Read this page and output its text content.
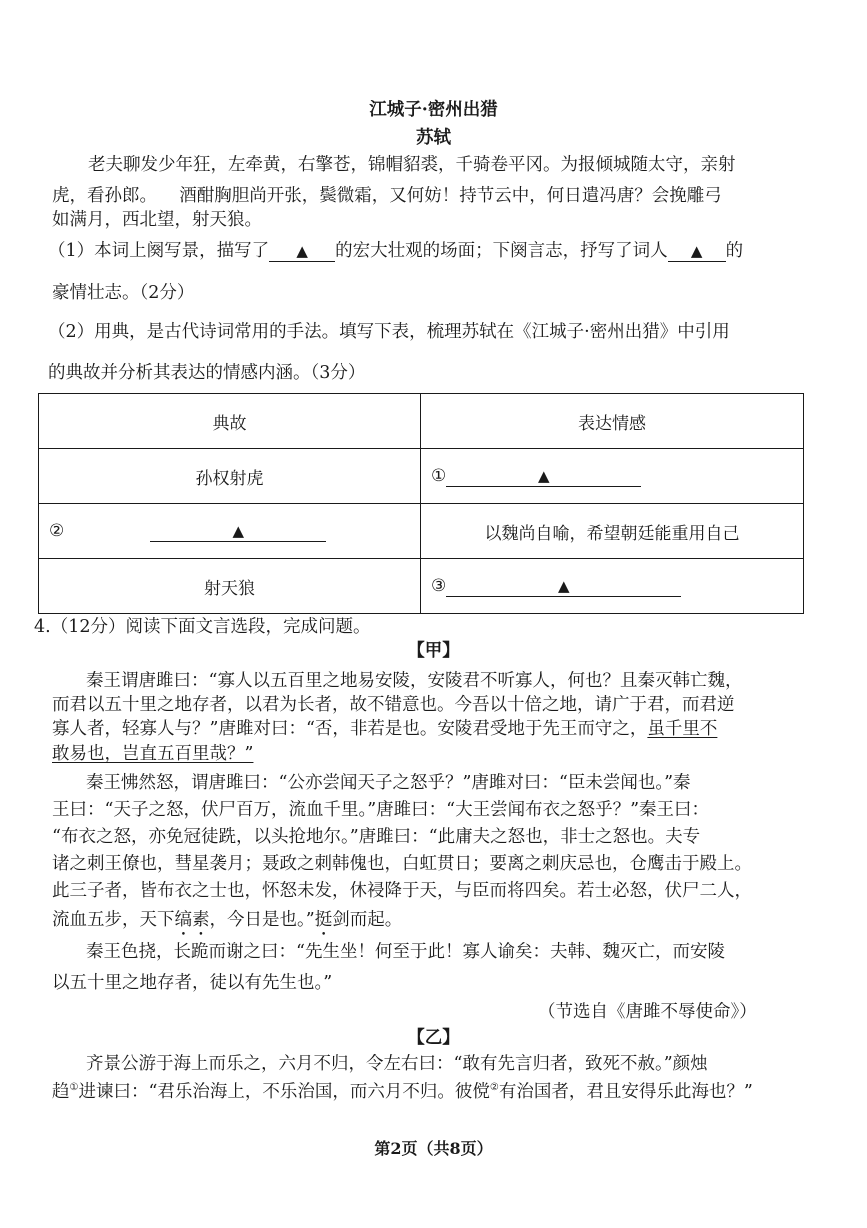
江城子·密州出猎
苏轼
老夫聊发少年狂，左牵黄，右擎苍，锦帽貂裘，千骑卷平冈。为报倾城随太守，亲射
虎，看孙郎。    酒酣胸胆尚开张，鬓微霜，又何妨！持节云中，何日遣冯唐？会挽雕弓
如满月，西北望，射天狼。
（1）本词上阕写景，描写了 ▲ 的宏大壮观的场面；下阕言志，抒写了词人 ▲ 的
豪情壮志。（2分）
（2）用典，是古代诗词常用的手法。填写下表，梳理苏轼在《江城子·密州出猎》中引用
的典故并分析其表达的情感内涵。（3分）
典故	表达情感
孙权射虎	① ▲
② ▲	以魏尚自喻，希望朝廷能重用自己
射天狼	③ ▲
4.（12分）阅读下面文言选段，完成问题。
【甲】
秦王谓唐雎曰：“寡人以五百里之地易安陵，安陵君不听寡人，何也？且秦灭韩亡魏，
而君以五十里之地存者，以君为长者，故不错意也。今吾以十倍之地，请广于君，而君逆
寡人者，轻寡人与？”唐雎对曰：“否，非若是也。安陵君受地于先王而守之，虽千里不
敢易也，岂直五百里哉？”
秦王怫然怒，谓唐雎曰：“公亦尝闻天子之怒乎？”唐雎对曰：“臣未尝闻也。”秦
王曰：“天子之怒，伏尸百万，流血千里。”唐雎曰：“大王尝闻布衣之怒乎？”秦王曰：
“布衣之怒，亦免冠徒跣，以头抢地尔。”唐雎曰：“此庸夫之怒也，非士之怒也。夫专
诸之刺王僚也，彗星袭月；聂政之刺韩傀也，白虹贯日；要离之刺庆忌也，仓鹰击于殿上。
此三子者，皆布衣之士也，怀怒未发，休祲降于天，与臣而将四矣。若士必怒，伏尸二人，
流血五步，天下缟素，今日是也。”挺剑而起。
秦王色挠，长跪而谢之曰：“先生坐！何至于此！寡人谕矣：夫韩、魏灭亡，而安陵
以五十里之地存者，徒以有先生也。”
（节选自《唐雎不辱使命》）
【乙】
齐景公游于海上而乐之，六月不归，令左右曰：“敢有先言归者，致死不赦。”颜烛
趋①进谏曰：“君乐治海上，不乐治国，而六月不归。彼傥②有治国者，君且安得乐此海也？”
第2页（共8页）
